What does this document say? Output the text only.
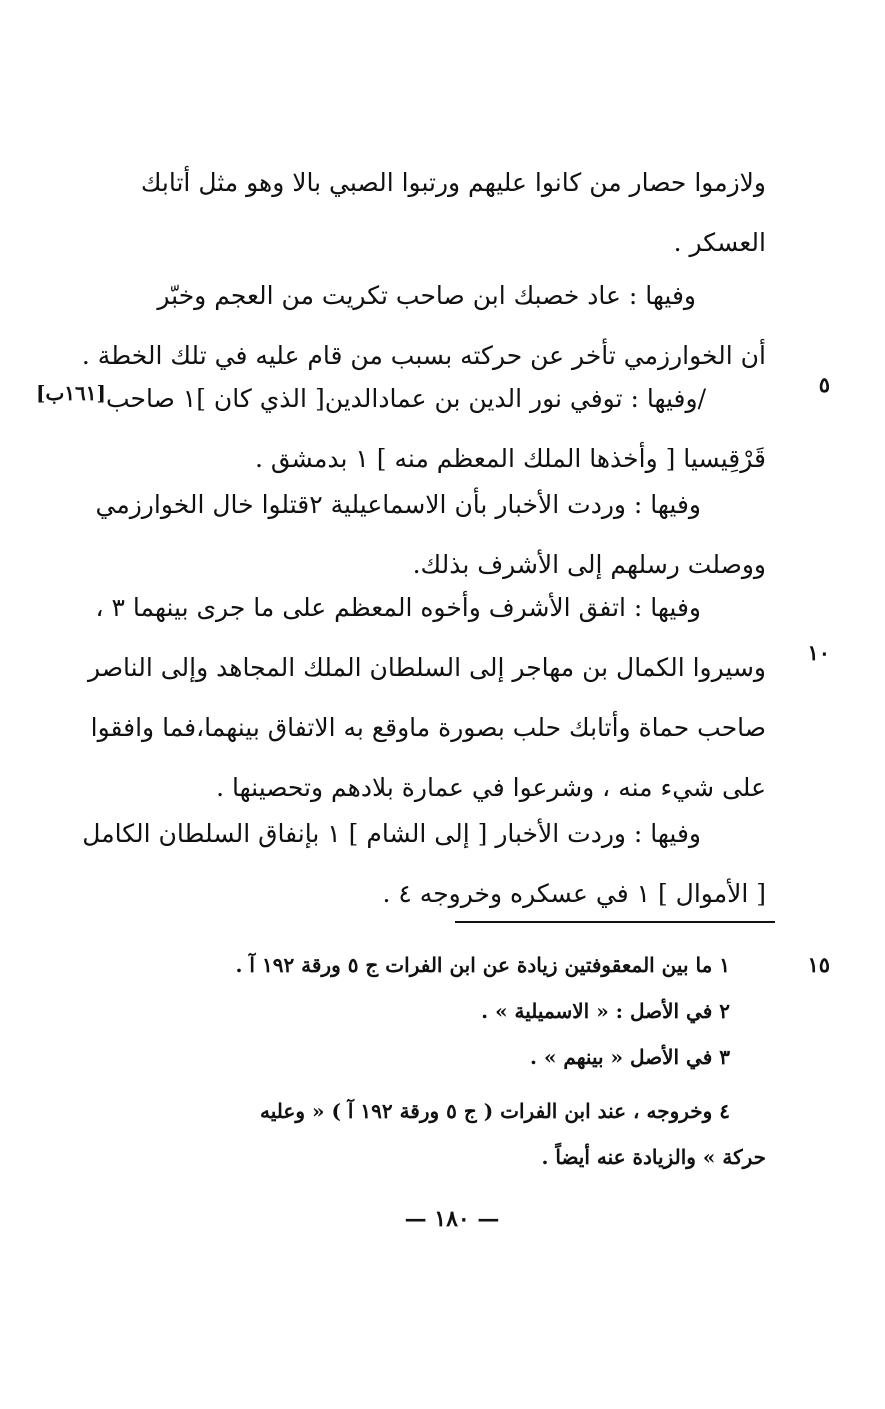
ولازموا حصار من كانوا عليهم ورتبوا الصبي بالا وهو مثل أتابك
العسكر .

وفيها : عاد خصبك ابن صاحب تكريت من العجم وخبّر
أن الخوارزمي تأخر عن حركته بسبب من قام عليه في تلك الخطة .

٥
[١٦١ب] /وفيها : توفي نور الدين بن عمادالدين[ الذي كان ]١ صاحب
قَرْقِيسيا [ وأخذها الملك المعظم منه ] ١ بدمشق .

وفيها : وردت الأخبار بأن الاسماعيلية ٢قتلوا خال الخوارزمي
ووصلت رسلهم إلى الأشرف بذلك.

١٠

وفيها : اتفق الأشرف وأخوه المعظم على ما جرى بينهما ٣ ،
وسيروا الكمال بن مهاجر إلى السلطان الملك المجاهد وإلى الناصر
صاحب حماة وأتابك حلب بصورة ماوقع به الاتفاق بينهما،فما وافقوا
على شيء منه ، وشرعوا في عمارة بلادهم وتحصينها .

وفيها : وردت الأخبار [ إلى الشام ] ١ بإنفاق السلطان الكامل
[ الأموال ] ١ في عسكره وخروجه ٤ .

١٥

١ ما بين المعقوفتين زيادة عن ابن الفرات ج ٥ ورقة ١٩٢ آ .

٢ في الأصل : « الاسميلية » .

٣ في الأصل « بينهم » .

٤ وخروجه ، عند ابن الفرات ( ج ٥ ورقة ١٩٢ آ ) « وعليه
حركة » والزيادة عنه أيضاً .

— ١٨٠ —
